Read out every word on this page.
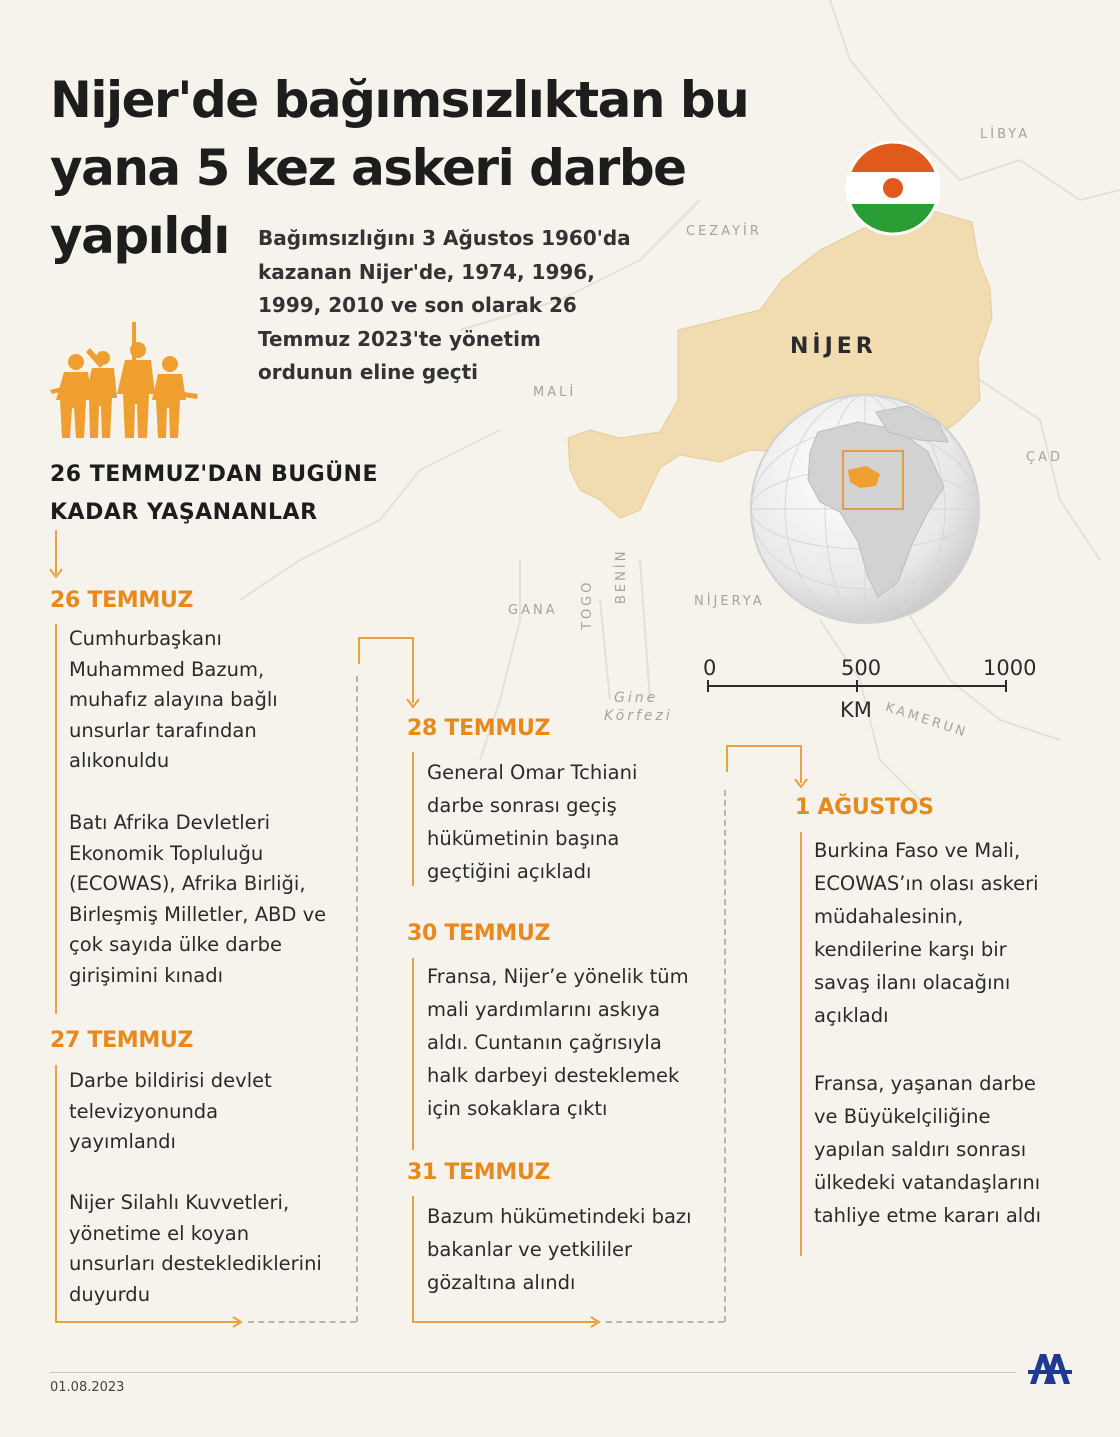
Nijer'de bağımsızlıktan bu yana 5 kez askeri darbe yapıldı	Bağımsızlığını 3 Ağustos 1960'da kazanan Nijer'de, 1974, 1996, 1999, 2010 ve son olarak 26 Temmuz 2023'te yönetim ordunun eline geçti
NİJER
LİBYA
CEZAYİR
MALİ
ÇAD
GANA TOGO
BENİN	NİJERYA
KAMERUN
Gine
Körfezi
0	500	1000
KM
26 TEMMUZ'DAN BUGÜNE KADAR YAŞANANLAR
26 TEMMUZ
Cumhurbaşkanı Muhammed Bazum, muhafız alayına bağlı unsurlar tarafından alıkonuldu
Batı Afrika Devletleri Ekonomik Topluluğu (ECOWAS), Afrika Birliği, Birleşmiş Milletler, ABD ve çok sayıda ülke darbe girişimini kınadı
27 TEMMUZ
Darbe bildirisi devlet televizyonunda yayımlandı
Nijer Silahlı Kuvvetleri, yönetime el koyan unsurları desteklediklerini duyurdu
28 TEMMUZ
General Omar Tchiani darbe sonrası geçiş hükümetinin başına geçtiğini açıkladı
30 TEMMUZ
Fransa, Nijer’e yönelik tüm mali yardımlarını askıya aldı. Cuntanın çağrısıyla halk darbeyi desteklemek için sokaklara çıktı
31 TEMMUZ
Bazum hükümetindeki bazı bakanlar ve yetkililer gözaltına alındı
1 AĞUSTOS
Burkina Faso ve Mali, ECOWAS’ın olası askeri müdahalesinin, kendilerine karşı bir savaş ilanı olacağını açıkladı
Fransa, yaşanan darbe ve Büyükelçiliğine yapılan saldırı sonrası ülkedeki vatandaşlarını tahliye etme kararı aldı
01.08.2023
